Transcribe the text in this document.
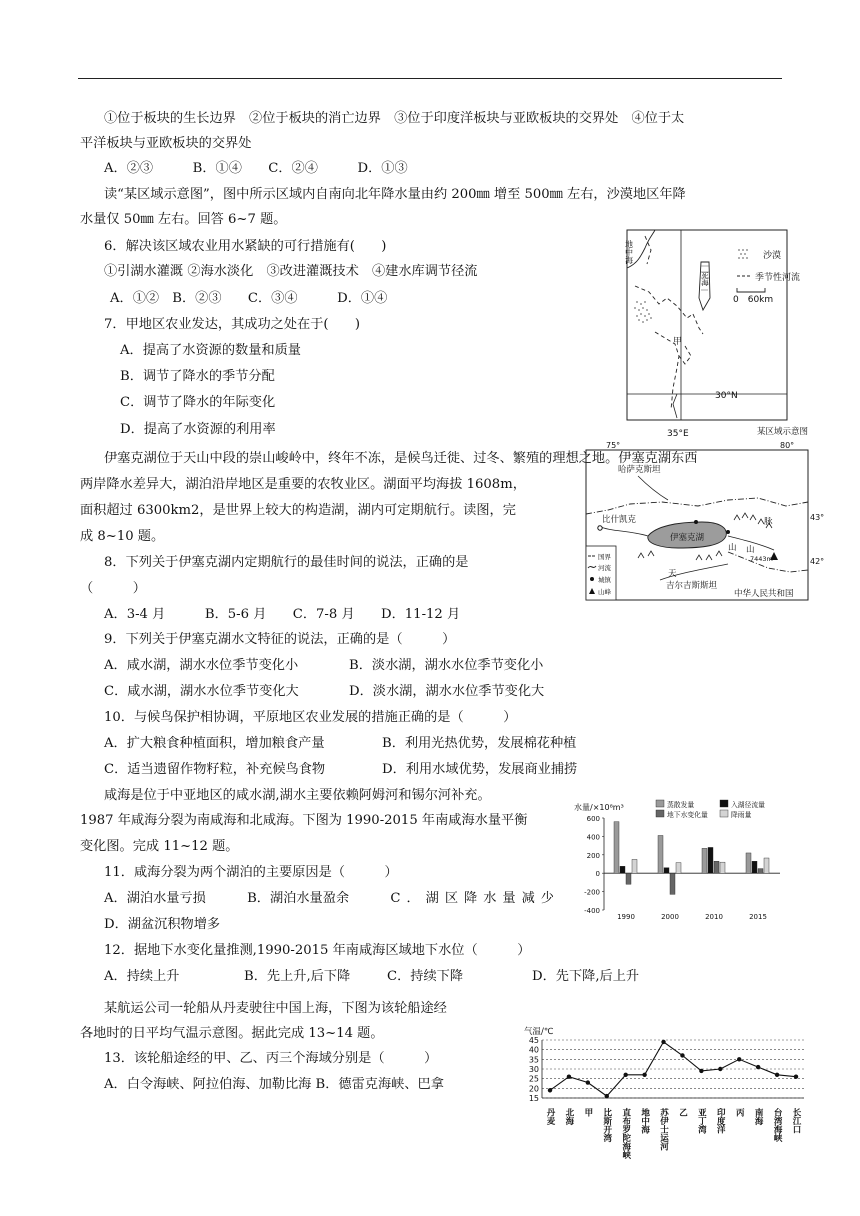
①位于板块的生长边界　②位于板块的消亡边界　③位于印度洋板块与亚欧板块的交界处　④位于太
平洋板块与亚欧板块的交界处
A．②③　　　B．①④　　C．②④　　　D．①③
读“某区域示意图”，图中所示区域内自南向北年降水量由约 200㎜ 增至 500㎜ 左右，沙漠地区年降
水量仅 50㎜ 左右。回答 6~7 题。
6．解决该区域农业用水紧缺的可行措施有(　　)
①引湖水灌溉 ②海水淡化　③改进灌溉技术　④建水库调节径流
A．①②　B．②③　　C．③④　　　D．①④
7．甲地区农业发达，其成功之处在于(　　)
A．提高了水资源的数量和质量
B．调节了降水的季节分配
C．调节了降水的年际变化
D．提高了水资源的利用率
地中海
死海
甲
30°N
35°E	某区域示意图
沙漠
季节性河流
0　60km
伊塞克湖位于天山中段的崇山峻岭中，终年不冻，是候鸟迁徙、过冬、繁殖的理想之地。伊塞克湖东西
两岸降水差异大，湖泊沿岸地区是重要的农牧业区。湖面平均海拔 1608m，
面积超过 6300km2，是世界上较大的构造湖，湖内可定期航行。读图，完
成 8~10 题。
8．下列关于伊塞克湖内定期航行的最佳时间的说法，正确的是
（　　　）
A．3-4 月　　　B．5-6 月　　C．7-8 月　　D．11-12 月
75°	80°
43°
42°
伊塞克湖
哈萨克斯坦
比什凯克
山 山
脉
天
7443m
吉尔吉斯斯坦
中华人民共和国
国界
河流
城镇
山峰
9．下列关于伊塞克湖水文特征的说法，正确的是（　　　）
A．咸水湖，湖水水位季节变化小	B．淡水湖，湖水水位季节变化小
C．咸水湖，湖水水位季节变化大	D．淡水湖，湖水水位季节变化大
10．与候鸟保护相协调，平原地区农业发展的措施正确的是（　　　）
A．扩大粮食种植面积，增加粮食产量	B．利用光热优势，发展棉花种植
C．适当遗留作物籽粒，补充候鸟食物	D．利用水域优势，发展商业捕捞
咸海是位于中亚地区的咸水湖,湖水主要依赖阿姆河和锡尔河补充。
1987 年咸海分裂为南咸海和北咸海。下图为 1990-2015 年南咸海水量平衡
变化图。完成 11~12 题。
11．咸海分裂为两个湖泊的主要原因是（　　　）
A．湖泊水量亏损	B．湖泊水量盈余	C．湖区降水量减少
D．湖盆沉积物增多
12．据地下水变化量推测,1990-2015 年南咸海区域地下水位（　　　）
A．持续上升	B．先上升,后下降	C．持续下降	D．先下降,后上升
某航运公司一轮船从丹麦驶往中国上海，下图为该轮船途经
各地时的日平均气温示意图。据此完成 13~14 题。
13．该轮船途经的甲、乙、丙三个海域分别是（　　　）
A．白令海峡、阿拉伯海、加勒比海 B．德雷克海峡、巴拿
水量/×10⁸m³	蒸散发量	入湖径流量
地下水变化量	降雨量
600
400
200
0
-200
-400
1990	2000	2010	2015
气温/℃
45
40
35
30
25
20
15
丹麦 北海 甲 比斯开湾 直布罗陀海峡 地中海 苏伊士运河 乙 亚丁湾 印度洋 丙 南海 台湾海峡 长江口
